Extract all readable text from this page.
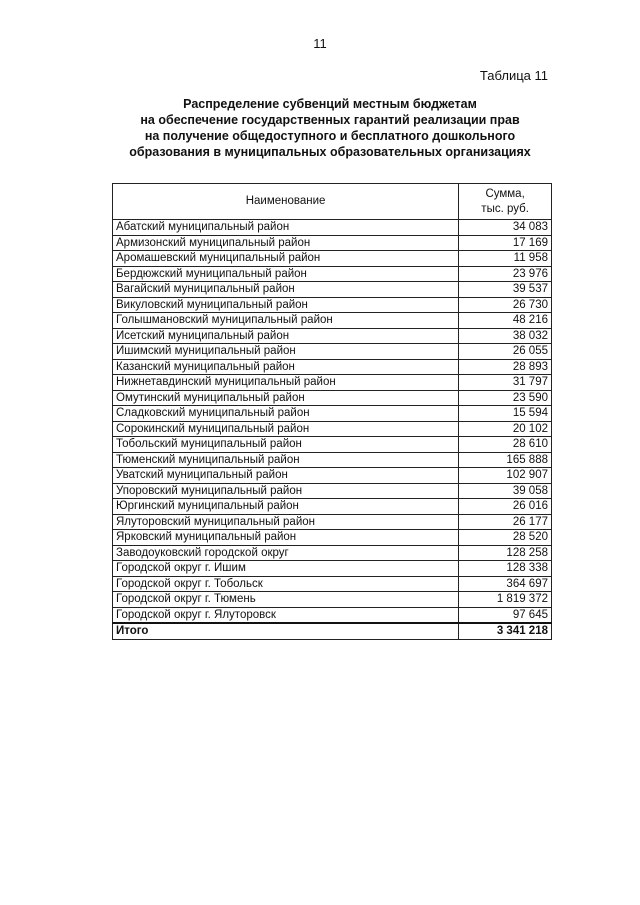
11
Таблица 11
Распределение субвенций местным бюджетам
на обеспечение государственных гарантий реализации прав
на получение общедоступного и бесплатного дошкольного
образования в муниципальных образовательных организациях
Наименование	Сумма,
тыс. руб.
Абатский муниципальный район	34 083
Армизонский муниципальный район	17 169
Аромашевский муниципальный район	11 958
Бердюжский муниципальный район	23 976
Вагайский муниципальный район	39 537
Викуловский муниципальный район	26 730
Голышмановский муниципальный район	48 216
Исетский муниципальный район	38 032
Ишимский муниципальный район	26 055
Казанский муниципальный район	28 893
Нижнетавдинский муниципальный район	31 797
Омутинский муниципальный район	23 590
Сладковский муниципальный район	15 594
Сорокинский муниципальный район	20 102
Тобольский муниципальный район	28 610
Тюменский муниципальный район	165 888
Уватский муниципальный район	102 907
Упоровский муниципальный район	39 058
Юргинский муниципальный район	26 016
Ялуторовский муниципальный район	26 177
Ярковский муниципальный район	28 520
Заводоуковский городской округ	128 258
Городской округ г. Ишим	128 338
Городской округ г. Тобольск	364 697
Городской округ г. Тюмень	1 819 372
Городской округ г. Ялуторовск	97 645
Итого	3 341 218
